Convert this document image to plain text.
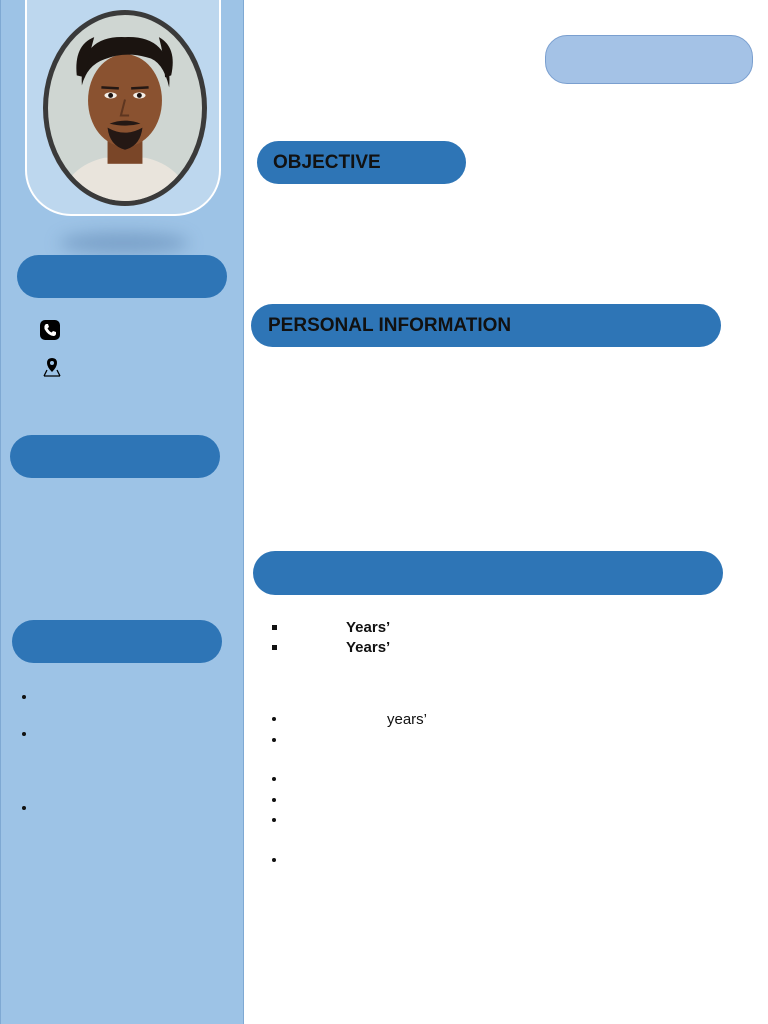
OBJECTIVE
PERSONAL INFORMATION
Years’
Years’
years’
